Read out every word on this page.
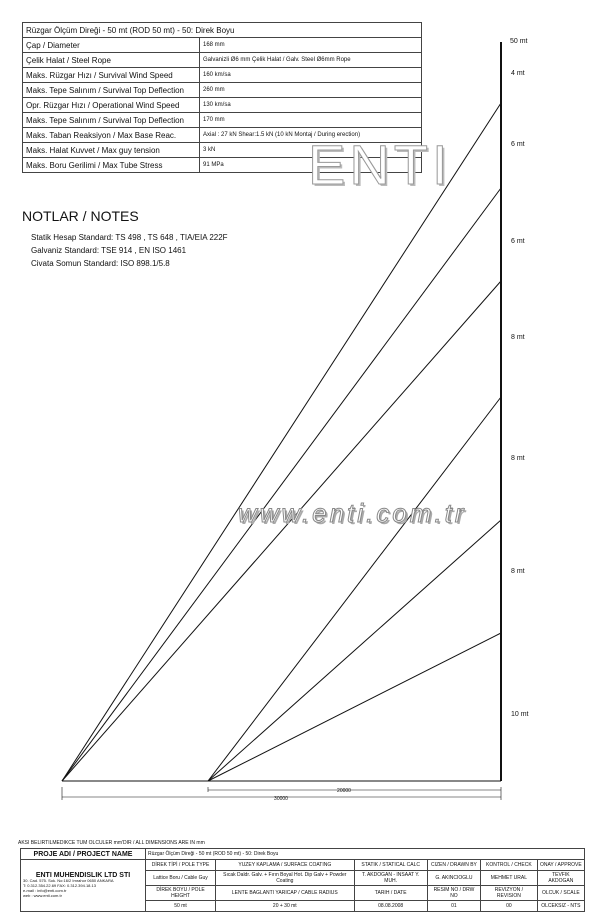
Rüzgar Ölçüm Direği - 50 mt (ROD 50 mt) - 50: Direk Boyu	
Çap / Diameter	168 mm
Çelik Halat / Steel Rope	Galvanizli Ø6 mm Çelik Halat / Galv. Steel Ø6mm Rope
Maks. Rüzgar Hızı / Survival Wind Speed	160 km/sa
Maks. Tepe Salınım / Survival Top Deflection	260 mm
Opr. Rüzgar Hızı / Operational Wind Speed	130 km/sa
Maks. Tepe Salınım / Survival Top Deflection	170 mm
Maks. Taban Reaksiyon / Max Base Reac.	Axial : 27 kN Shear:1.5 kN (10 kN Montaj / During erection)
Maks. Halat Kuvvet / Max guy tension	3 kN
Maks. Boru Gerilimi / Max Tube Stress	91 MPa
NOTLAR / NOTES
Statik Hesap Standard: TS 498 , TS 648 , TIA/EIA 222F
Galvaniz Standard: TSE 914 , EN ISO 1461
Civata Somun Standard: ISO 898.1/5.8
20000
30000
50 mt
4 mt
6 mt
6 mt
8 mt
8 mt
8 mt
10 mt
ENTI
www.enti.com.tr
AKSI BELIRTILMEDIKCE TUM OLCULER mm'DIR / ALL DIMENSIONS ARE IN mm
PROJE ADI / PROJECT NAME	Rüzgar Ölçüm Direği - 50 mt (ROD 50 mt) - 50: Direk Boyu					

ENTI MUHENDISLIK LTD STI
30. Cad. 575. Sok. No:16/2 Imrahor 0650 ANKARA
T: 0.312.354.22.69 FAX: 0.312.394.18.13
e-mail : info@enti.com.tr
web : www.enti.com.tr	DİREK TİPİ / POLE TYPE	YUZEY KAPLAMA / SURFACE COATING	STATIK / STATICAL CALC	CIZEN / DRAWN BY	KONTROL / CHECK	ONAY / APPROVE
	Lattice Boru / Cable Guy	Sıcak Daldr. Galv. + Fırın Boyal Hot. Dip Galv + Powder Coating	T. AKDOGAN - INSAAT Y. MUH.	G. AKINCIOGLU	MEHMET URAL	TEVFIK AKDOGAN
	DİREK BOYU / POLE HEIGHT	LENTE BAGLANTI YARICAP / CABLE RADIUS	TARIH / DATE	RESIM NO / DRW NO	REVIZYON / REVISION	OLCUK / SCALE
	50 mt	20 + 30 mt	08.08.2008	01	00	OLCEKSIZ - NTS
